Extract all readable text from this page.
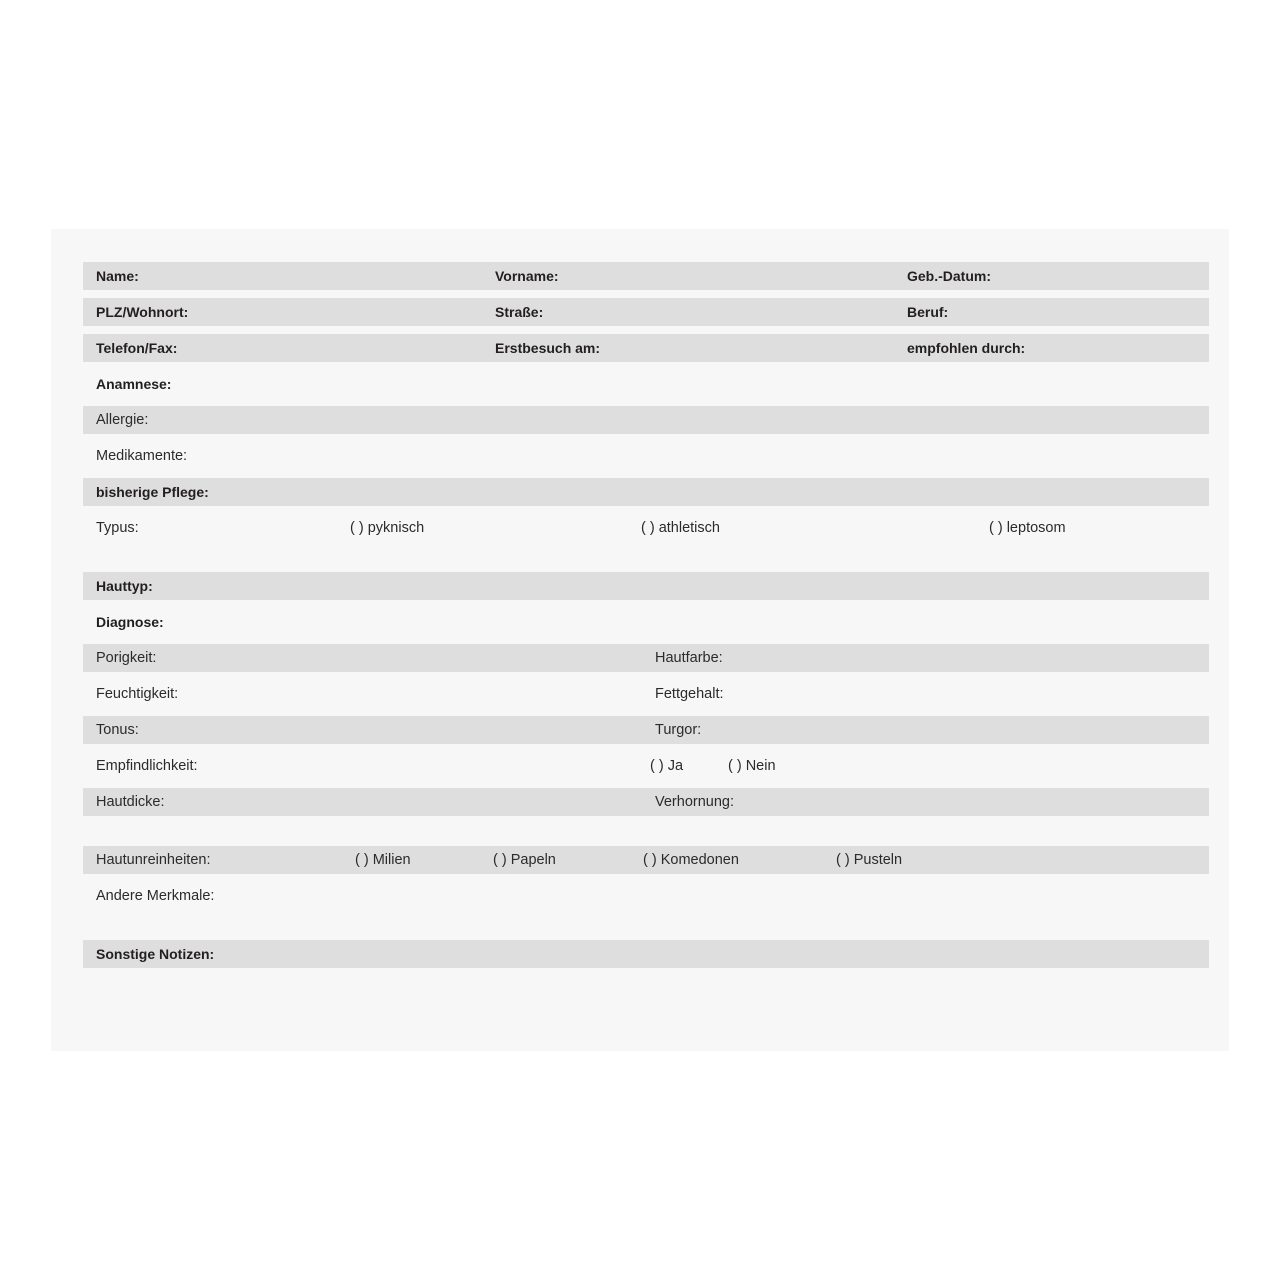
Name:	Vorname:	Geb.-Datum:
PLZ/Wohnort:	Straße:	Beruf:
Telefon/Fax:	Erstbesuch am:	empfohlen durch:
Anamnese:
Allergie:
Medikamente:
bisherige Pflege:
Typus:	( ) pyknisch	( ) athletisch	( ) leptosom
Hauttyp:
Diagnose:
Porigkeit:	Hautfarbe:
Feuchtigkeit:	Fettgehalt:
Tonus:	Turgor:
Empfindlichkeit:	( ) Ja	( ) Nein
Hautdicke:	Verhornung:
Hautunreinheiten:	( ) Milien	( ) Papeln	( ) Komedonen	( ) Pusteln
Andere Merkmale:
Sonstige Notizen:
